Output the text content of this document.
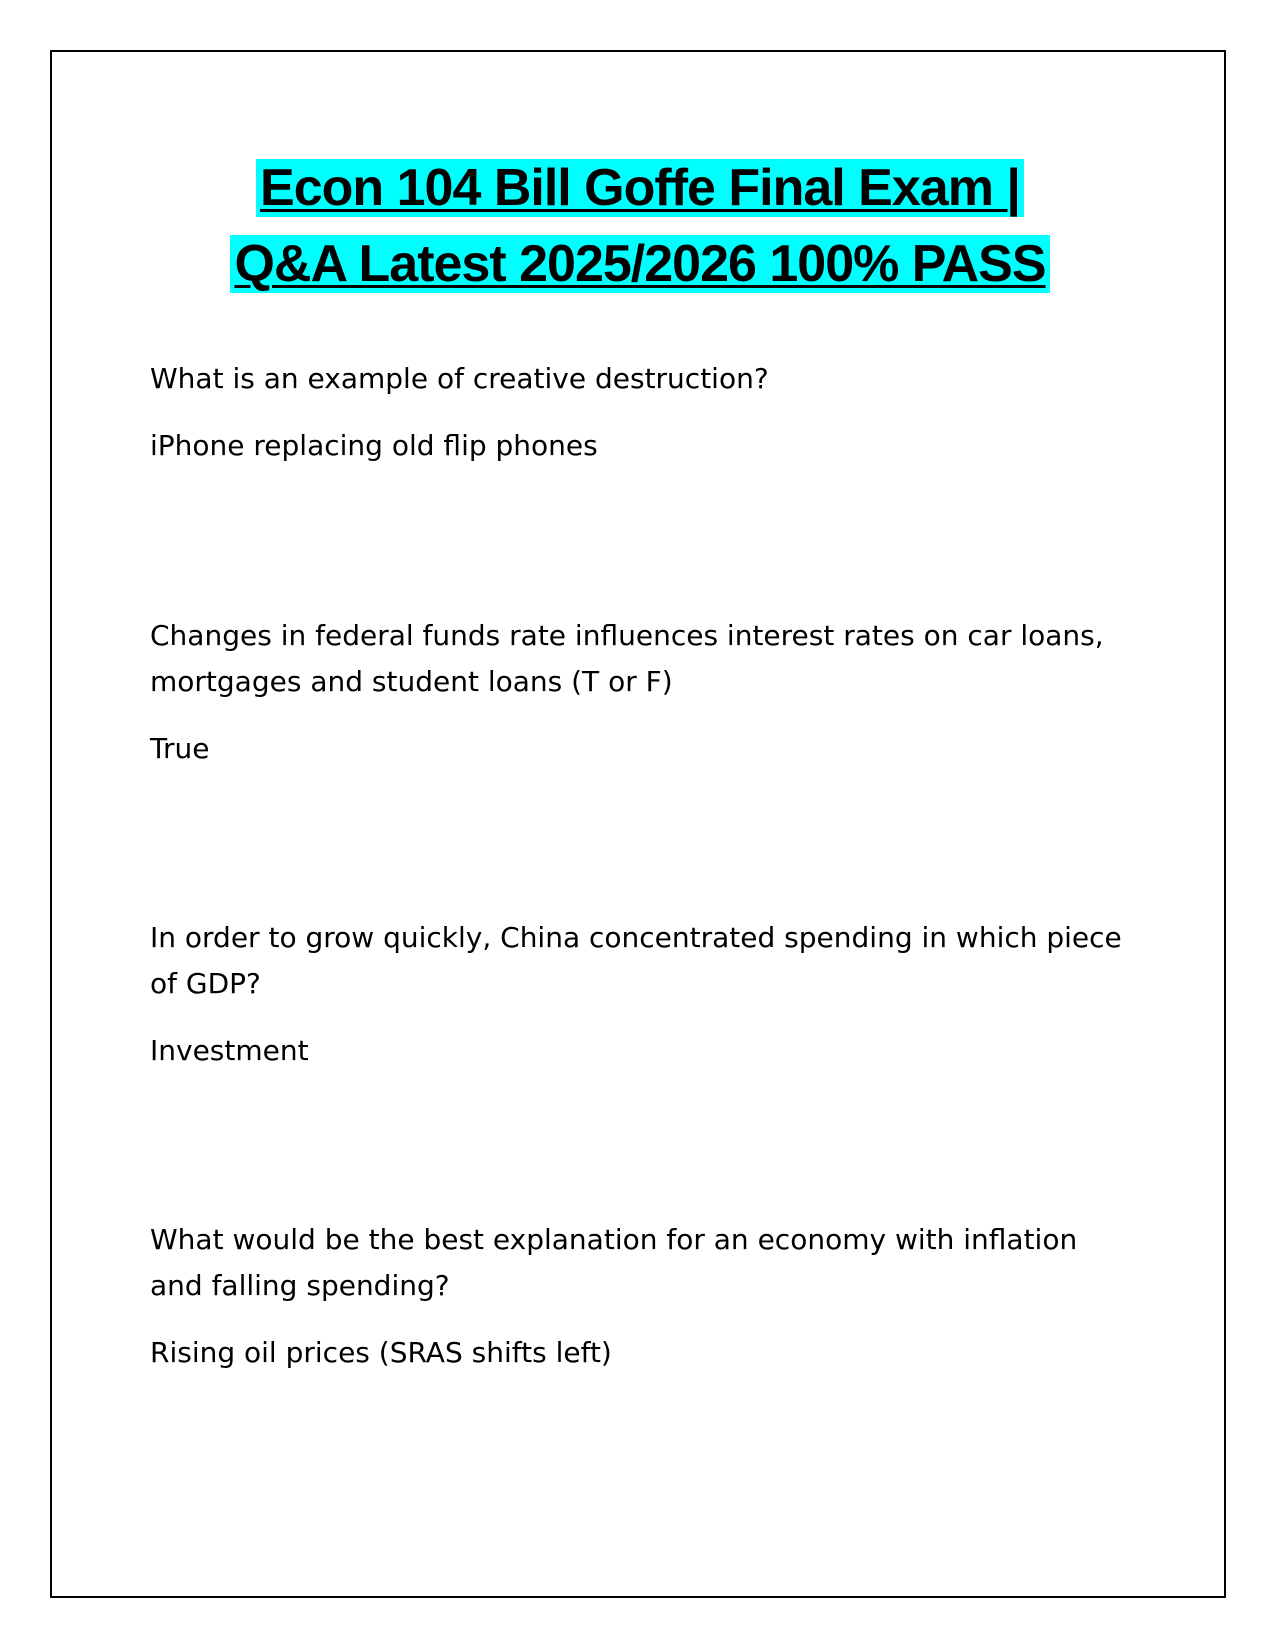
Econ 104 Bill Goffe Final Exam |
Q&A Latest 2025/2026 100% PASS
What is an example of creative destruction?
iPhone replacing old flip phones
Changes in federal funds rate influences interest rates on car loans, mortgages and student loans (T or F)
True
In order to grow quickly, China concentrated spending in which piece of GDP?
Investment
What would be the best explanation for an economy with inflation and falling spending?
Rising oil prices (SRAS shifts left)
